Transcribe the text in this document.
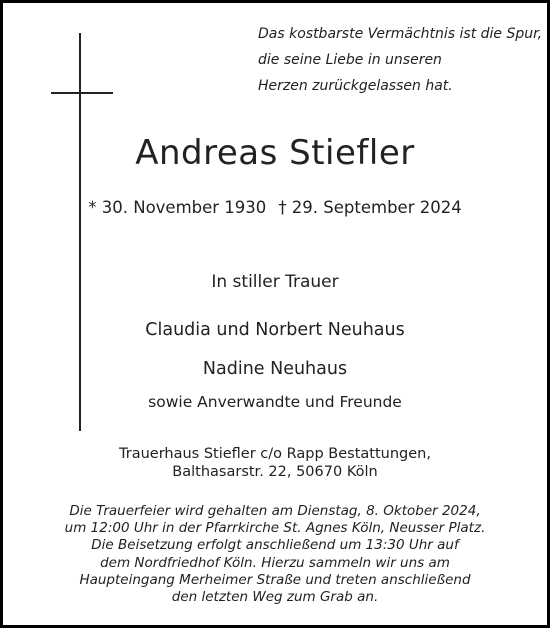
Das kostbarste Vermächtnis ist die Spur,
die seine Liebe in unseren
Herzen zurückgelassen hat.
Andreas Stiefler
* 30. November 1930 † 29. September 2024
In stiller Trauer
Claudia und Norbert Neuhaus
Nadine Neuhaus
sowie Anverwandte und Freunde
Trauerhaus Stiefler c/o Rapp Bestattungen,
Balthasarstr. 22, 50670 Köln
Die Trauerfeier wird gehalten am Dienstag, 8. Oktober 2024,
um 12:00 Uhr in der Pfarrkirche St. Agnes Köln, Neusser Platz.
Die Beisetzung erfolgt anschließend um 13:30 Uhr auf
dem Nordfriedhof Köln. Hierzu sammeln wir uns am
Haupteingang Merheimer Straße und treten anschließend
den letzten Weg zum Grab an.
